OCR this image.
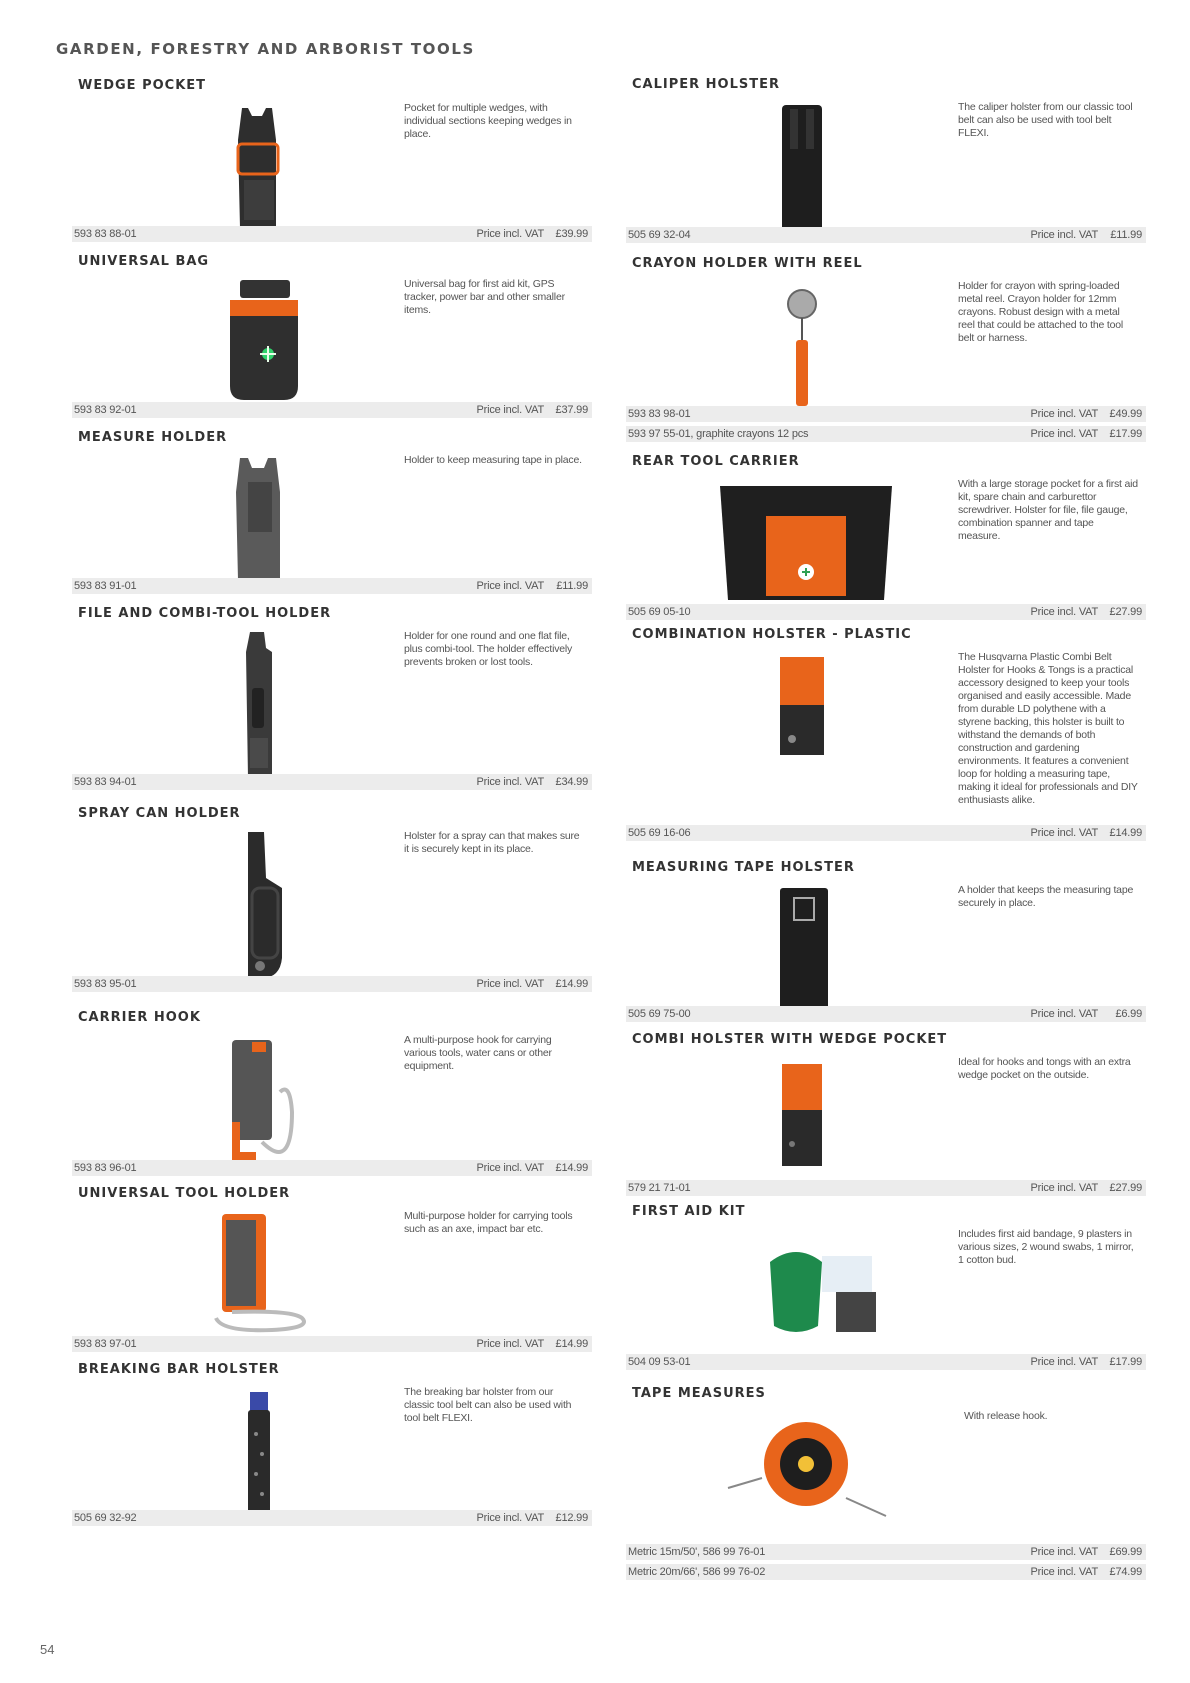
GARDEN, FORESTRY AND ARBORIST TOOLS
WEDGE POCKET
Pocket for multiple wedges, with individual sections keeping wedges in place.
593 83 88-01	Price incl. VAT £39.99
UNIVERSAL BAG
Universal bag for first aid kit, GPS tracker, power bar and other smaller items.
593 83 92-01	Price incl. VAT £37.99
MEASURE HOLDER
Holder to keep measuring tape in place.
593 83 91-01	Price incl. VAT £11.99
FILE AND COMBI-TOOL HOLDER
Holder for one round and one flat file, plus combi-tool. The holder effectively prevents broken or lost tools.
593 83 94-01	Price incl. VAT £34.99
SPRAY CAN HOLDER
Holster for a spray can that makes sure it is securely kept in its place.
593 83 95-01	Price incl. VAT £14.99
CARRIER HOOK
A multi-purpose hook for carrying various tools, water cans or other equipment.
593 83 96-01	Price incl. VAT £14.99
UNIVERSAL TOOL HOLDER
Multi-purpose holder for carrying tools such as an axe, impact bar etc.
593 83 97-01	Price incl. VAT £14.99
BREAKING BAR HOLSTER
The breaking bar holster from our classic tool belt can also be used with tool belt FLEXI.
505 69 32-92	Price incl. VAT £12.99
CALIPER HOLSTER
The caliper holster from our classic tool belt can also be used with tool belt FLEXI.
505 69 32-04	Price incl. VAT £11.99
CRAYON HOLDER WITH REEL
Holder for crayon with spring-loaded metal reel. Crayon holder for 12mm crayons. Robust design with a metal reel that could be attached to the tool belt or harness.
593 83 98-01	Price incl. VAT £49.99
593 97 55-01, graphite crayons 12 pcs	Price incl. VAT £17.99
REAR TOOL CARRIER
With a large storage pocket for a first aid kit, spare chain and carburettor screwdriver. Holster for file, file gauge, combination spanner and tape measure.
505 69 05-10	Price incl. VAT £27.99
COMBINATION HOLSTER - PLASTIC
The Husqvarna Plastic Combi Belt Holster for Hooks & Tongs is a practical accessory designed to keep your tools organised and easily accessible. Made from durable LD polythene with a styrene backing, this holster is built to withstand the demands of both construction and gardening environments. It features a convenient loop for holding a measuring tape, making it ideal for professionals and DIY enthusiasts alike.
505 69 16-06	Price incl. VAT £14.99
MEASURING TAPE HOLSTER
A holder that keeps the measuring tape securely in place.
505 69 75-00	Price incl. VAT £6.99
COMBI HOLSTER WITH WEDGE POCKET
Ideal for hooks and tongs with an extra wedge pocket on the outside.
579 21 71-01	Price incl. VAT £27.99
FIRST AID KIT
Includes first aid bandage, 9 plasters in various sizes, 2 wound swabs, 1 mirror, 1 cotton bud.
504 09 53-01	Price incl. VAT £17.99
TAPE MEASURES
With release hook.
Metric 15m/50', 586 99 76-01	Price incl. VAT £69.99
Metric 20m/66', 586 99 76-02	Price incl. VAT £74.99
54
